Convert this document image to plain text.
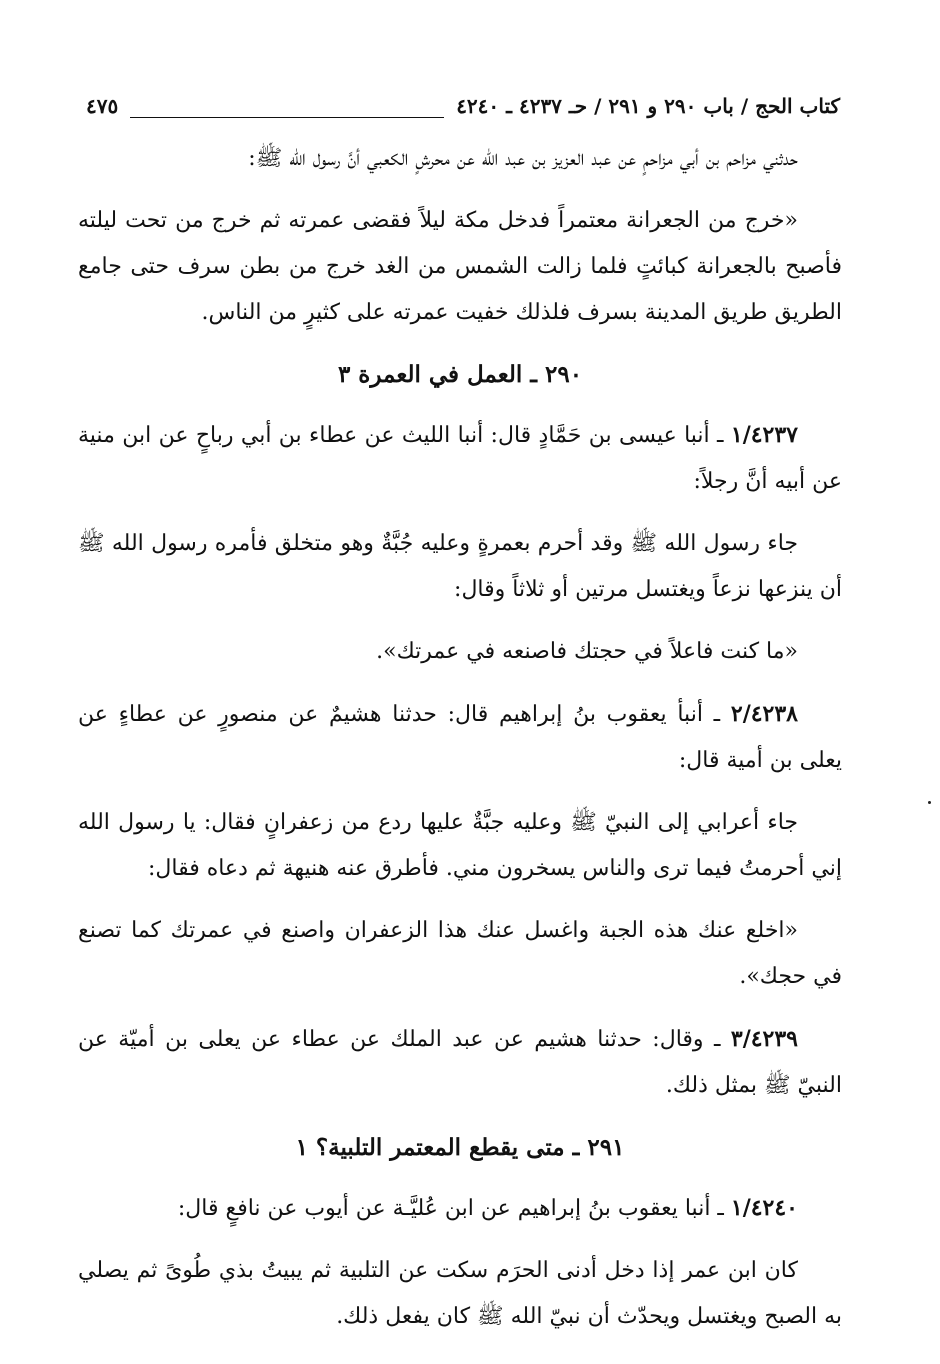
كتاب الحج / باب ٢٩٠ و ٢٩١ / حـ ٤٢٣٧ ـ ٤٢٤٠
٤٧٥

حدثني مزاحم بن أبي مزاحمٍ عن عبد العزيز بن عبد الله عن محرشٍ الكعبي أنَّ رسول الله ﷺ:

«خرج من الجعرانة معتمراً فدخل مكة ليلاً فقضى عمرته ثم خرج من تحت ليلته فأصبح بالجعرانة كبائتٍ فلما زالت الشمس من الغد خرج من بطن سرف حتى جامع الطريق طريق المدينة بسرف فلذلك خفيت عمرته على كثيرٍ من الناس.

٢٩٠ ـ العمل في العمرة ٣

١/٤٢٣٧ ـ أنبا عيسى بن حَمَّادٍ قال: أنبا الليث عن عطاء بن أبي رباحٍ عن ابن منية عن أبيه أنَّ رجلاً:

جاء رسول الله ﷺ وقد أحرم بعمرةٍ وعليه جُبَّةٌ وهو متخلق فأمره رسول الله ﷺ أن ينزعها نزعاً ويغتسل مرتين أو ثلاثاً وقال:

«ما كنت فاعلاً في حجتك فاصنعه في عمرتك».

٢/٤٢٣٨ ـ أنبأ يعقوب بنُ إبراهيم قال: حدثنا هشيمٌ عن منصورٍ عن عطاءٍ عن يعلى بن أمية قال:

جاء أعرابي إلى النبيّ ﷺ وعليه جبَّةٌ عليها ردع من زعفرانٍ فقال: يا رسول الله إني أحرمتُ فيما ترى والناس يسخرون مني. فأطرق عنه هنيهة ثم دعاه فقال:

«اخلع عنك هذه الجبة واغسل عنك هذا الزعفران واصنع في عمرتك كما تصنع في حجك».

٣/٤٢٣٩ ـ وقال: حدثنا هشيم عن عبد الملك عن عطاء عن يعلى بن أميّة عن النبيّ ﷺ بمثل ذلك.

٢٩١ ـ متى يقطع المعتمر التلبية؟ ١

١/٤٢٤٠ ـ أنبا يعقوب بنُ إبراهيم عن ابن عُليَّـة عن أيوب عن نافعٍ قال:

كان ابن عمر إذا دخل أدنى الحرَم سكت عن التلبية ثم يبيتُ بذي طُوىً ثم يصلي به الصبح ويغتسل ويحدّث أن نبيّ الله ﷺ كان يفعل ذلك.
